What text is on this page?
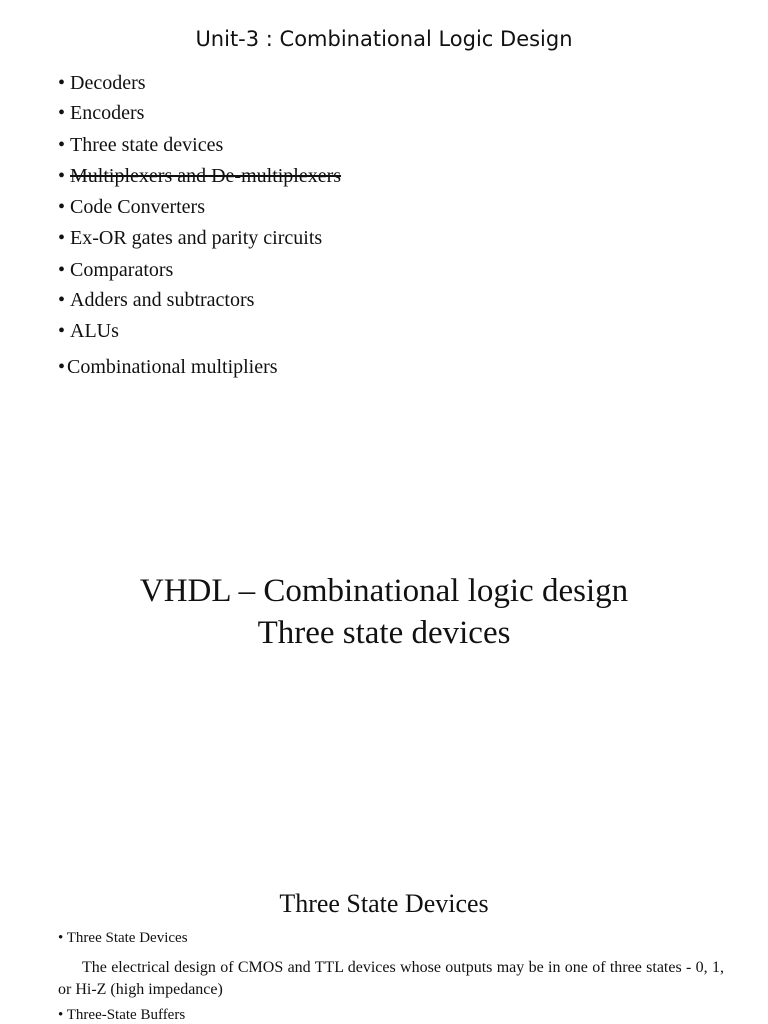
Unit-3 : Combinational Logic Design
• Decoders
• Encoders
• Three state devices
• Multiplexers and De-multiplexers
• Code Converters
• Ex-OR gates and parity circuits
• Comparators
• Adders and subtractors
• ALUs
• Combinational multipliers
VHDL – Combinational logic design
Three state devices
Three State Devices
• Three State Devices
The electrical design of CMOS and TTL devices whose outputs may be in one of three states - 0, 1, or Hi-Z (high impedance)
• Three-State Buffers
